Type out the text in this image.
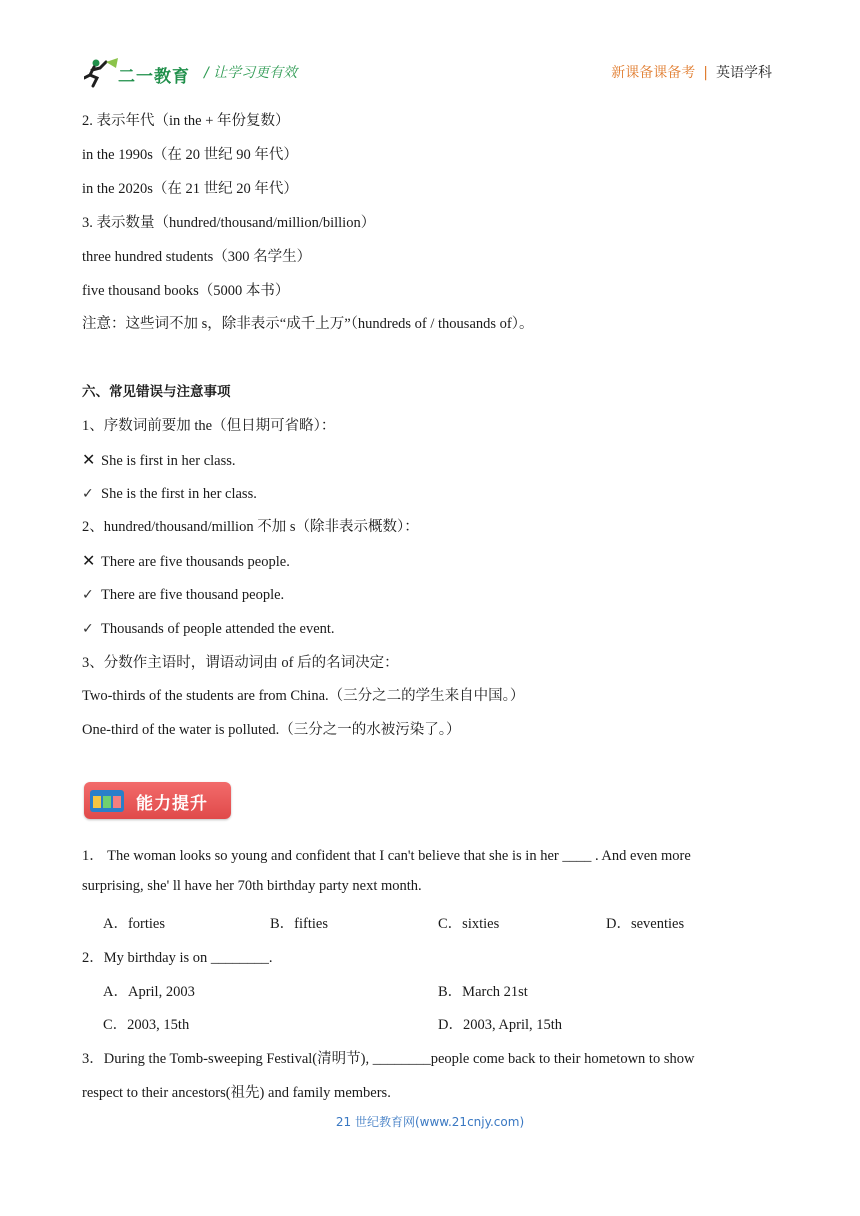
二一教育 / 让学习更有效	新课备课备考 | 英语学科
2. 表示年代（in the + 年份复数）
in the 1990s（在 20 世纪 90 年代）
in the 2020s（在 21 世纪 20 年代）
3. 表示数量（hundred/thousand/million/billion）
three hundred students（300 名学生）
five thousand books（5000 本书）
注意：这些词不加 s，除非表示“成千上万”（hundreds of / thousands of）。
六、常见错误与注意事项
1、序数词前要加 the（但日期可省略）：
✕ She is first in her class.
✓ She is the first in her class.
2、hundred/thousand/million 不加 s（除非表示概数）：
✕ There are five thousands people.
✓ There are five thousand people.
✓ Thousands of people attended the event.
3、分数作主语时，谓语动词由 of 后的名词决定：
Two-thirds of the students are from China.（三分之二的学生来自中国。）
One-third of the water is polluted.（三分之一的水被污染了。）
能力提升
1． The woman looks so young and confident that I can't believe that she is in her ____ . And even more
surprising, she' ll have her 70th birthday party next month.
A．forties	B．fifties	C．sixties	D．seventies
2．My birthday is on ________.
A．April, 2003	B．March 21st
C．2003, 15th	D．2003, April, 15th
3．During the Tomb-sweeping Festival(清明节), ________people come back to their hometown to show
respect to their ancestors(祖先) and family members.
21 世纪教育网(www.21cnjy.com)
